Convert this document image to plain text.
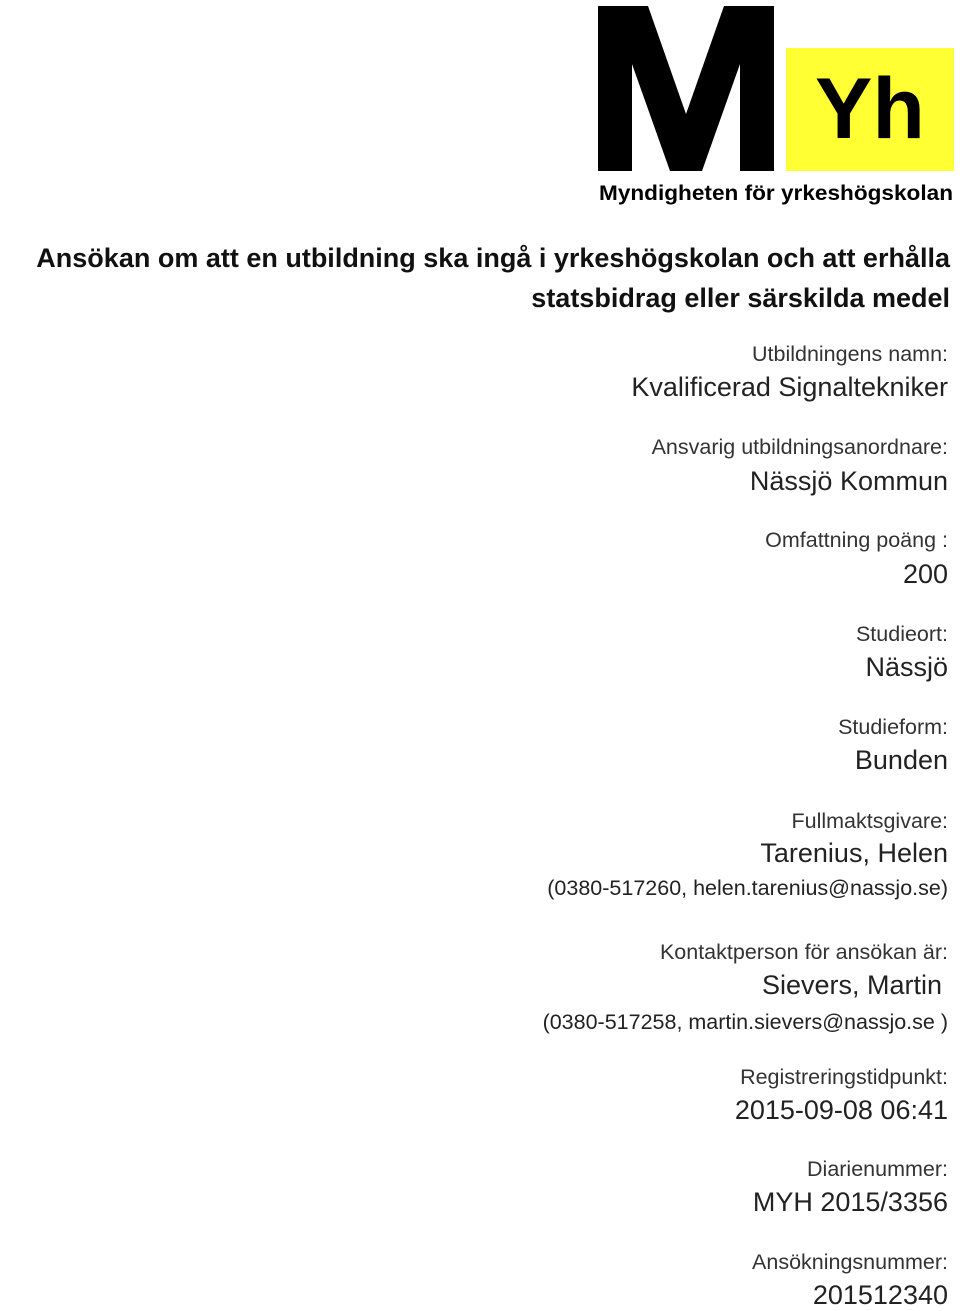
Yh
Myndigheten för yrkeshögskolan
Ansökan om att en utbildning ska ingå i yrkeshögskolan och att erhålla
statsbidrag eller särskilda medel
Utbildningens namn:
Kvalificerad Signaltekniker
Ansvarig utbildningsanordnare:
Nässjö Kommun
Omfattning poäng :
200
Studieort:
Nässjö
Studieform:
Bunden
Fullmaktsgivare:
Tarenius, Helen
(0380-517260, helen.tarenius@nassjo.se)
Kontaktperson för ansökan är:
Sievers, Martin
(0380-517258, martin.sievers@nassjo.se )
Registreringstidpunkt:
2015-09-08 06:41
Diarienummer:
MYH 2015/3356
Ansökningsnummer:
201512340
